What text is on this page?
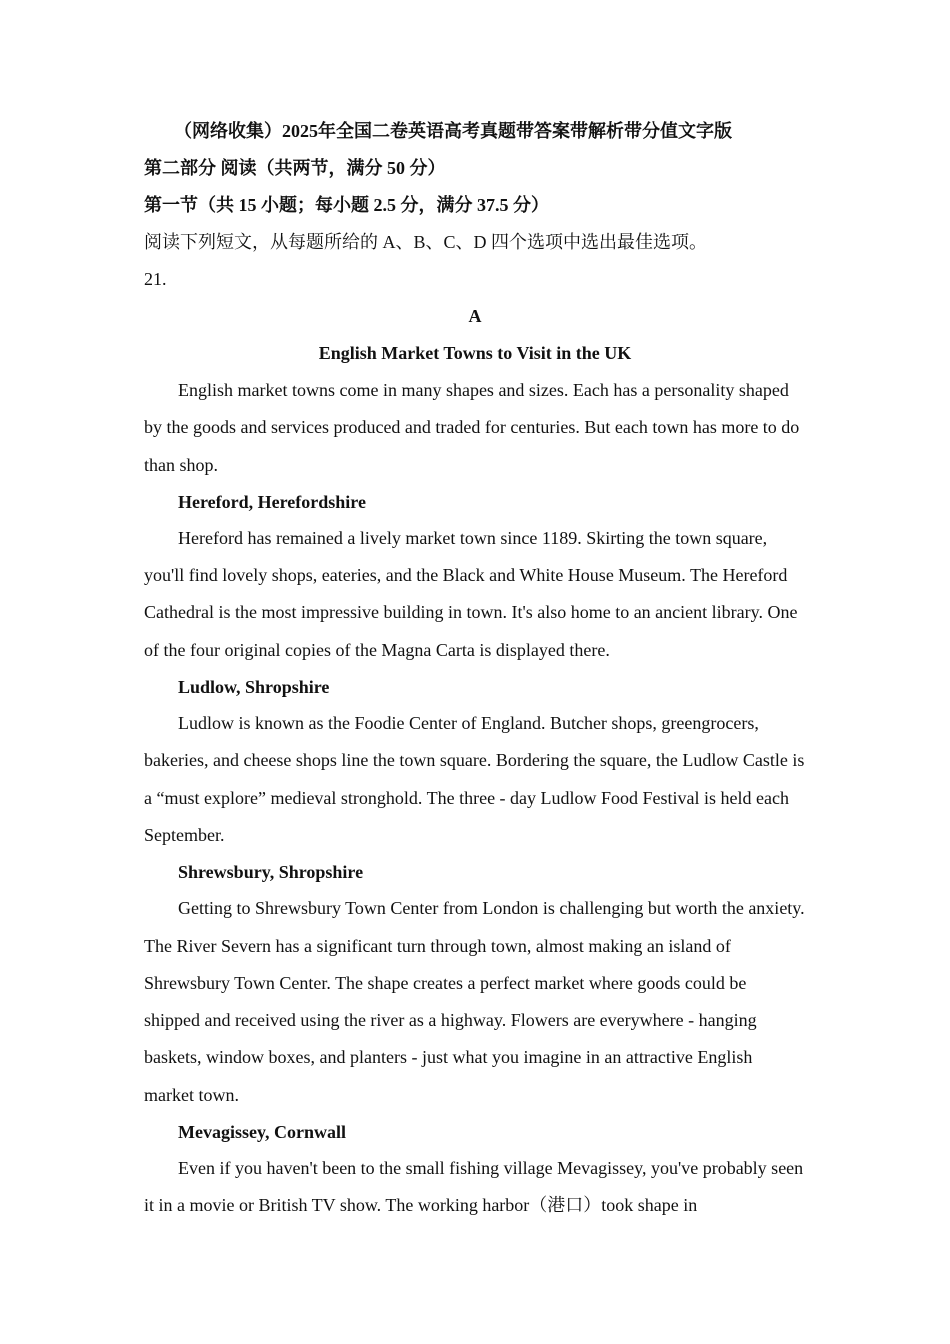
（网络收集）2025年全国二卷英语高考真题带答案带解析带分值文字版
第二部分 阅读（共两节，满分 50 分）
第一节（共 15 小题；每小题 2.5 分，满分 37.5 分）
阅读下列短文，从每题所给的 A、B、C、D 四个选项中选出最佳选项。
21.
A
English Market Towns to Visit in the UK

English market towns come in many shapes and sizes. Each has a personality shaped by the goods and services produced and traded for centuries. But each town has more to do than shop.

Hereford, Herefordshire

Hereford has remained a lively market town since 1189. Skirting the town square, you'll find lovely shops, eateries, and the Black and White House Museum. The Hereford Cathedral is the most impressive building in town. It's also home to an ancient library. One of the four original copies of the Magna Carta is displayed there.

Ludlow, Shropshire

Ludlow is known as the Foodie Center of England. Butcher shops, greengrocers, bakeries, and cheese shops line the town square. Bordering the square, the Ludlow Castle is a “must explore” medieval stronghold. The three - day Ludlow Food Festival is held each September.

Shrewsbury, Shropshire

Getting to Shrewsbury Town Center from London is challenging but worth the anxiety. The River Severn has a significant turn through town, almost making an island of Shrewsbury Town Center. The shape creates a perfect market where goods could be shipped and received using the river as a highway. Flowers are everywhere - hanging baskets, window boxes, and planters - just what you imagine in an attractive English market town.

Mevagissey, Cornwall

Even if you haven't been to the small fishing village Mevagissey, you've probably seen it in a movie or British TV show. The working harbor（港口）took shape in
